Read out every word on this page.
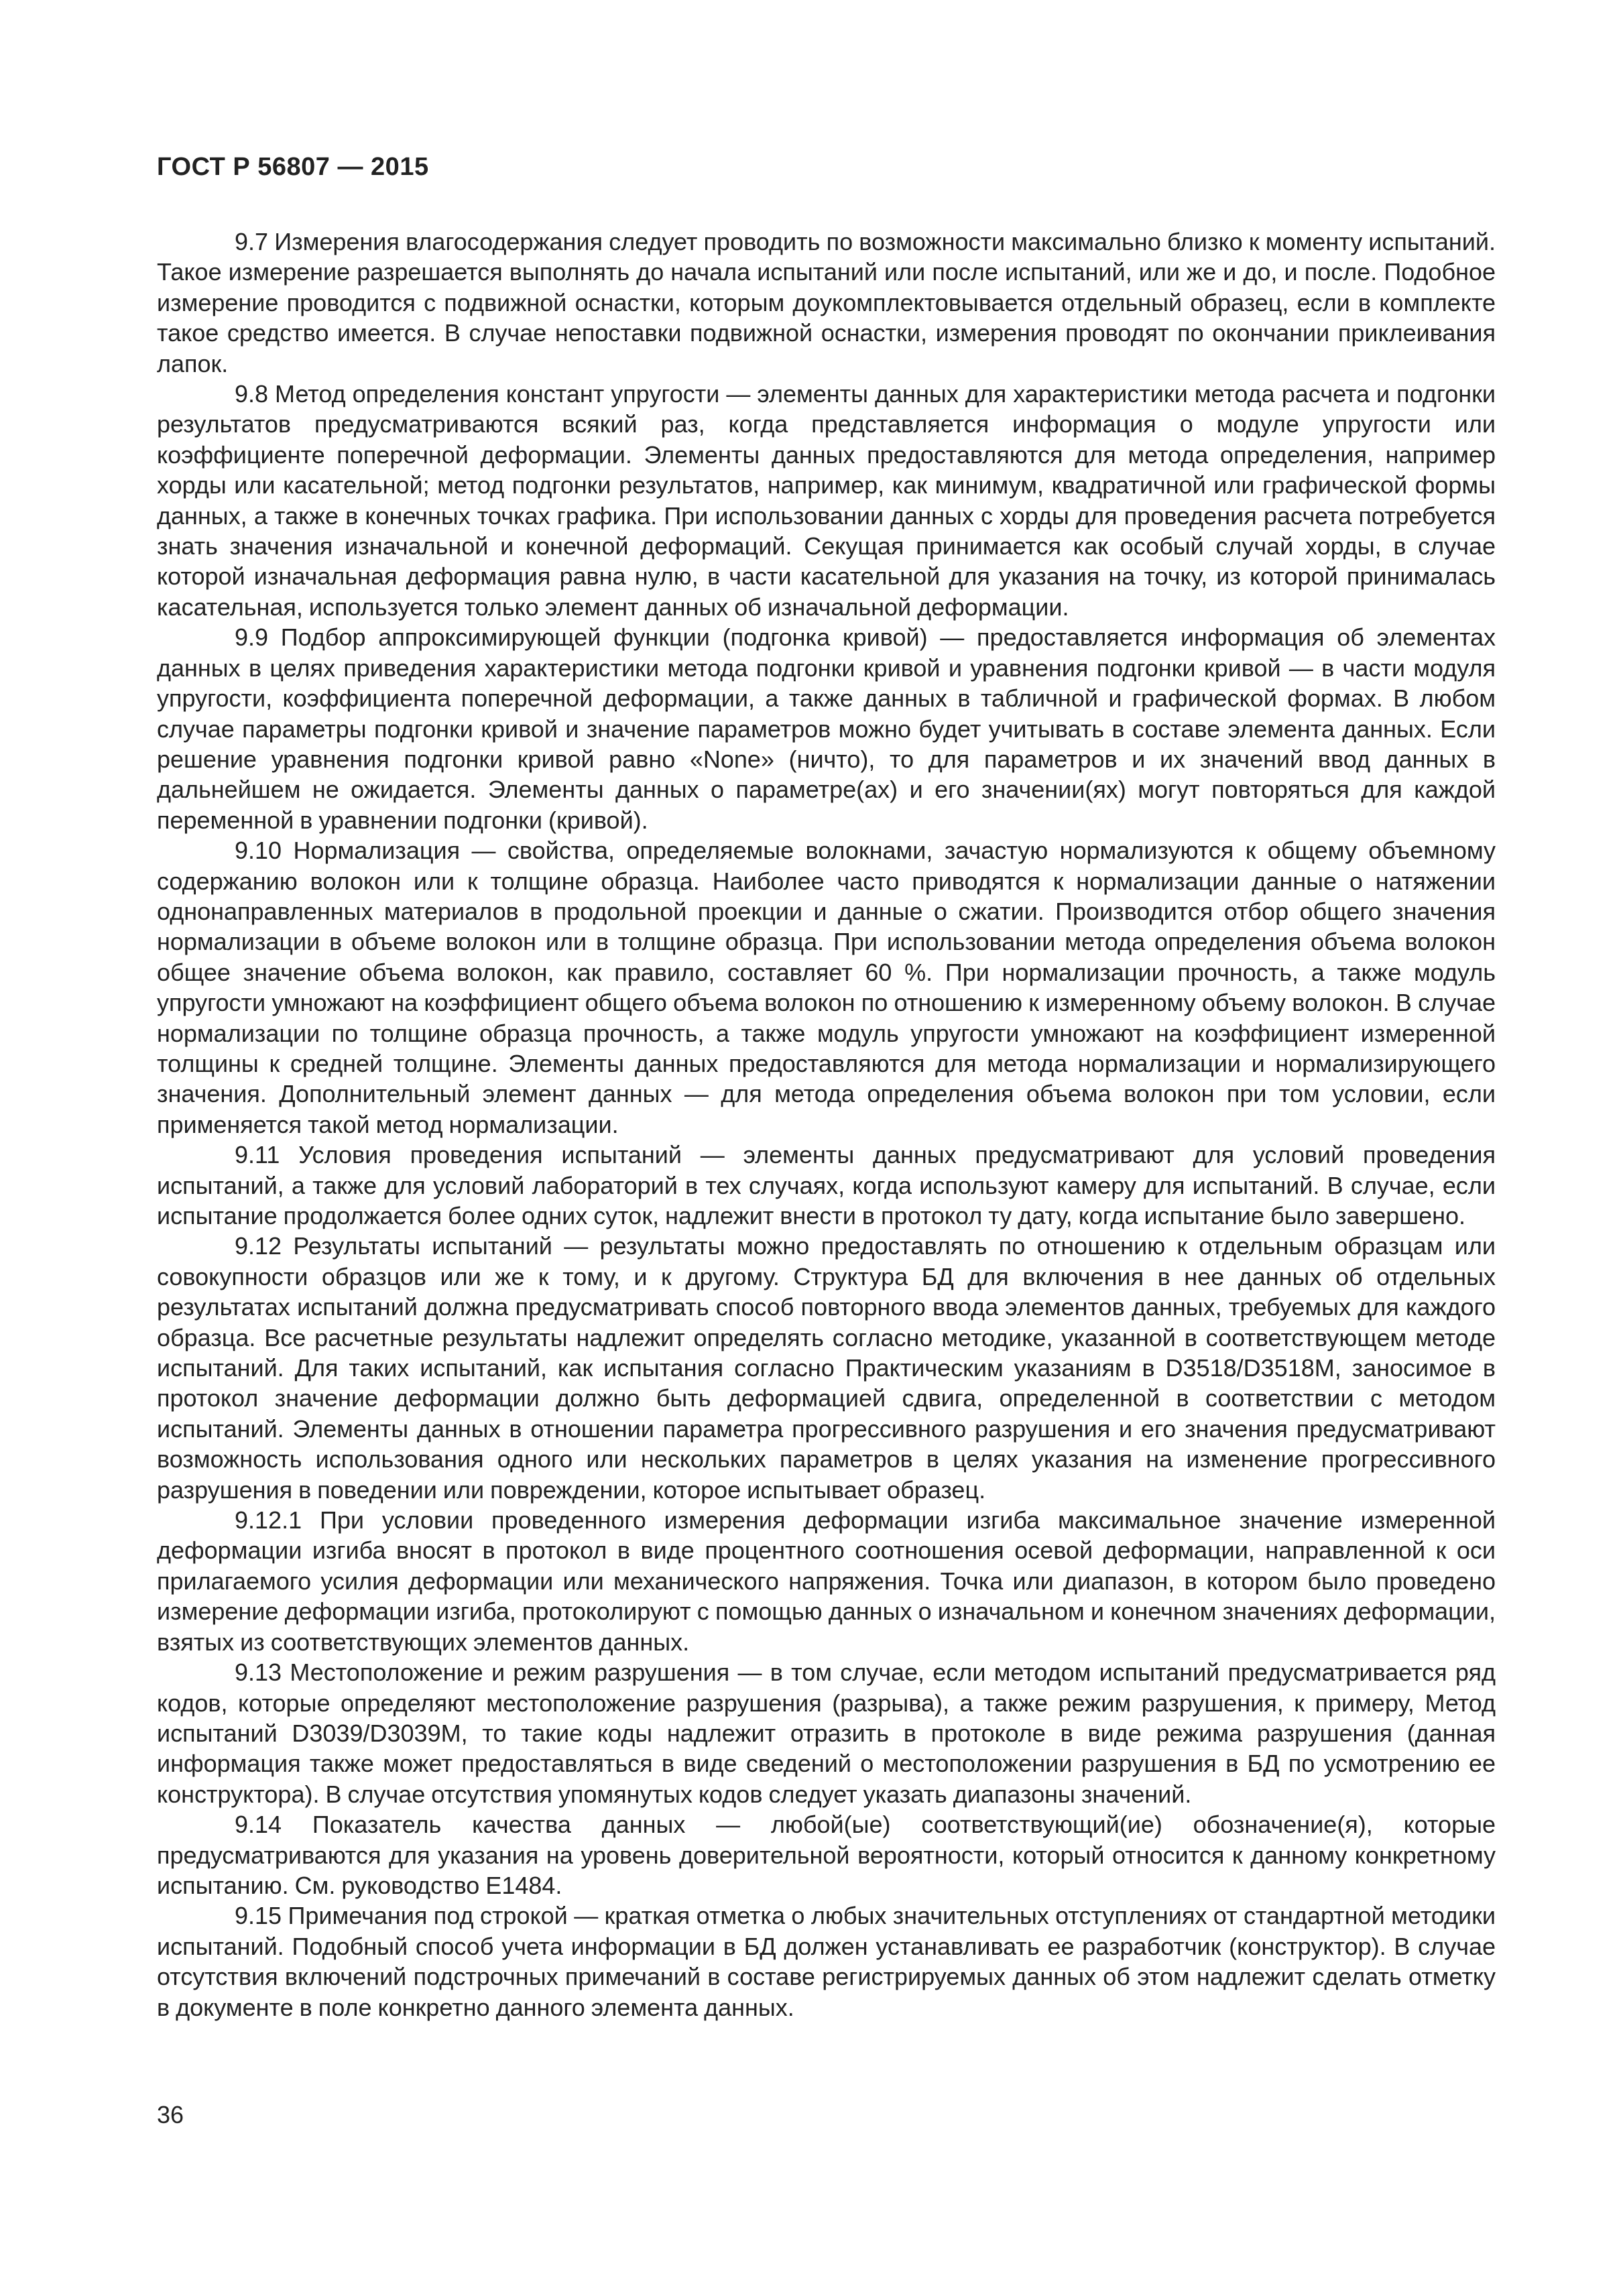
ГОСТ Р 56807 — 2015

9.7 Измерения влагосодержания следует проводить по возможности максимально близко к моменту испытаний. Такое измерение разрешается выполнять до начала испытаний или после испытаний, или же и до, и после. Подобное измерение проводится с подвижной оснастки, которым доукомплектовывается отдельный образец, если в комплекте такое средство имеется. В случае непоставки подвижной оснастки, измерения проводят по окончании приклеивания лапок.

9.8 Метод определения констант упругости — элементы данных для характеристики метода расчета и подгонки результатов предусматриваются всякий раз, когда представляется информация о модуле упругости или коэффициенте поперечной деформации. Элементы данных предоставляются для метода определения, например хорды или касательной; метод подгонки результатов, например, как минимум, квадратичной или графической формы данных, а также в конечных точках графика. При использовании данных с хорды для проведения расчета потребуется знать значения изначальной и конечной деформаций. Секущая принимается как особый случай хорды, в случае которой изначальная деформация равна нулю, в части касательной для указания на точку, из которой принималась касательная, используется только элемент данных об изначальной деформации.

9.9 Подбор аппроксимирующей функции (подгонка кривой) — предоставляется информация об элементах данных в целях приведения характеристики метода подгонки кривой и уравнения подгонки кривой — в части модуля упругости, коэффициента поперечной деформации, а также данных в табличной и графической формах. В любом случае параметры подгонки кривой и значение параметров можно будет учитывать в составе элемента данных. Если решение уравнения подгонки кривой равно «None» (ничто), то для параметров и их значений ввод данных в дальнейшем не ожидается. Элементы данных о параметре(ах) и его значении(ях) могут повторяться для каждой переменной в уравнении подгонки (кривой).

9.10 Нормализация — свойства, определяемые волокнами, зачастую нормализуются к общему объемному содержанию волокон или к толщине образца. Наиболее часто приводятся к нормализации данные о натяжении однонаправленных материалов в продольной проекции и данные о сжатии. Производится отбор общего значения нормализации в объеме волокон или в толщине образца. При использовании метода определения объема волокон общее значение объема волокон, как правило, составляет 60 %. При нормализации прочность, а также модуль упругости умножают на коэффициент общего объема волокон по отношению к измеренному объему волокон. В случае нормализации по толщине образца прочность, а также модуль упругости умножают на коэффициент измеренной толщины к средней толщине. Элементы данных предоставляются для метода нормализации и нормализирующего значения. Дополнительный элемент данных — для метода определения объема волокон при том условии, если применяется такой метод нормализации.

9.11 Условия проведения испытаний — элементы данных предусматривают для условий проведения испытаний, а также для условий лабораторий в тех случаях, когда используют камеру для испытаний. В случае, если испытание продолжается более одних суток, надлежит внести в протокол ту дату, когда испытание было завершено.

9.12 Результаты испытаний — результаты можно предоставлять по отношению к отдельным образцам или совокупности образцов или же к тому, и к другому. Структура БД для включения в нее данных об отдельных результатах испытаний должна предусматривать способ повторного ввода элементов данных, требуемых для каждого образца. Все расчетные результаты надлежит определять согласно методике, указанной в соответствующем методе испытаний. Для таких испытаний, как испытания согласно Практическим указаниям в D3518/D3518M, заносимое в протокол значение деформации должно быть деформацией сдвига, определенной в соответствии с методом испытаний. Элементы данных в отношении параметра прогрессивного разрушения и его значения предусматривают возможность использования одного или нескольких параметров в целях указания на изменение прогрессивного разрушения в поведении или повреждении, которое испытывает образец.

9.12.1 При условии проведенного измерения деформации изгиба максимальное значение измеренной деформации изгиба вносят в протокол в виде процентного соотношения осевой деформации, направленной к оси прилагаемого усилия деформации или механического напряжения. Точка или диапазон, в котором было проведено измерение деформации изгиба, протоколируют с помощью данных о изначальном и конечном значениях деформации, взятых из соответствующих элементов данных.

9.13 Местоположение и режим разрушения — в том случае, если методом испытаний предусматривается ряд кодов, которые определяют местоположение разрушения (разрыва), а также режим разрушения, к примеру, Метод испытаний D3039/D3039M, то такие коды надлежит отразить в протоколе в виде режима разрушения (данная информация также может предоставляться в виде сведений о местоположении разрушения в БД по усмотрению ее конструктора). В случае отсутствия упомянутых кодов следует указать диапазоны значений.

9.14 Показатель качества данных — любой(ые) соответствующий(ие) обозначение(я), которые предусматриваются для указания на уровень доверительной вероятности, который относится к данному конкретному испытанию. См. руководство E1484.

9.15 Примечания под строкой — краткая отметка о любых значительных отступлениях от стандартной методики испытаний. Подобный способ учета информации в БД должен устанавливать ее разработчик (конструктор). В случае отсутствия включений подстрочных примечаний в составе регистрируемых данных об этом надлежит сделать отметку в документе в поле конкретно данного элемента данных.

36
